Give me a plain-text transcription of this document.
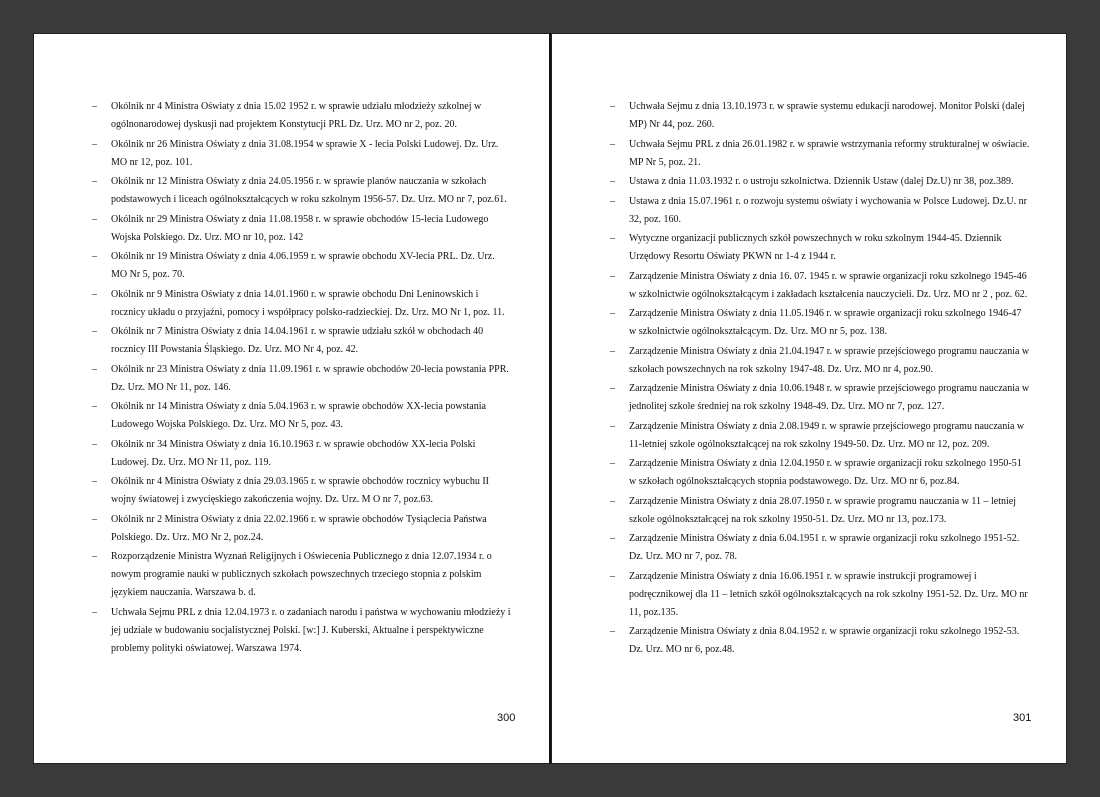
–	Okólnik nr 4 Ministra Oświaty z dnia 15.02 1952 r. w sprawie udziału młodzieży szkolnej w ogólnonarodowej dyskusji nad projektem Konstytucji PRL Dz. Urz. MO nr 2, poz. 20.
–	Okólnik nr 26 Ministra Oświaty z dnia 31.08.1954 w sprawie X - lecia Polski Ludowej. Dz. Urz. MO nr 12, poz. 101.
–	Okólnik nr 12 Ministra Oświaty z dnia 24.05.1956 r. w sprawie planów nauczania w szkołach podstawowych i liceach ogólnokształcących w roku szkolnym 1956-57. Dz. Urz. MO nr 7, poz.61.
–	Okólnik nr 29 Ministra Oświaty z dnia 11.08.1958 r. w sprawie obchodów 15-lecia Ludowego Wojska Polskiego. Dz. Urz. MO nr 10, poz. 142
–	Okólnik nr 19 Ministra Oświaty z dnia 4.06.1959 r. w sprawie obchodu XV-lecia PRL. Dz. Urz. MO Nr 5, poz. 70.
–	Okólnik nr 9 Ministra Oświaty z dnia 14.01.1960 r. w sprawie obchodu Dni Leninowskich i rocznicy układu o przyjaźni, pomocy i współpracy polsko-radzieckiej. Dz. Urz. MO Nr 1, poz. 11.
–	Okólnik nr 7 Ministra Oświaty z dnia 14.04.1961 r. w sprawie udziału szkół w obchodach 40 rocznicy III Powstania Śląskiego. Dz. Urz. MO Nr 4, poz. 42.
–	Okólnik nr 23 Ministra Oświaty z dnia 11.09.1961 r. w sprawie obchodów 20-lecia powstania PPR. Dz. Urz. MO Nr 11, poz. 146.
–	Okólnik nr 14 Ministra Oświaty z dnia 5.04.1963 r. w sprawie obchodów XX-lecia powstania Ludowego Wojska Polskiego. Dz. Urz. MO Nr 5, poz. 43.
–	Okólnik nr 34 Ministra Oświaty z dnia 16.10.1963 r. w sprawie obchodów XX-lecia Polski Ludowej. Dz. Urz. MO Nr 11, poz. 119.
–	Okólnik nr 4 Ministra Oświaty z dnia 29.03.1965 r. w sprawie obchodów rocznicy wybuchu II wojny światowej i zwycięskiego zakończenia wojny. Dz. Urz. M O nr 7, poz.63.
–	Okólnik nr 2 Ministra Oświaty z dnia 22.02.1966 r. w sprawie obchodów Tysiąclecia Państwa Polskiego. Dz. Urz. MO Nr 2, poz.24.
–	Rozporządzenie Ministra Wyznań Religijnych i Oświecenia Publicznego z dnia 12.07.1934 r. o nowym programie nauki w publicznych szkołach powszechnych trzeciego stopnia z polskim językiem nauczania. Warszawa b. d.
–	Uchwała Sejmu PRL z dnia 12.04.1973 r. o zadaniach narodu i państwa w wychowaniu młodzieży i jej udziale w budowaniu socjalistycznej Polski. [w:] J. Kuberski, Aktualne i perspektywiczne problemy polityki oświatowej. Warszawa 1974.
300
–	Uchwała Sejmu z dnia 13.10.1973 r. w sprawie systemu edukacji narodowej. Monitor Polski (dalej MP) Nr 44, poz. 260.
–	Uchwała Sejmu PRL z dnia 26.01.1982 r. w sprawie wstrzymania reformy strukturalnej w oświacie. MP Nr 5, poz. 21.
–	Ustawa z dnia 11.03.1932 r. o ustroju szkolnictwa. Dziennik Ustaw (dalej Dz.U) nr 38, poz.389.
–	Ustawa z dnia 15.07.1961 r. o rozwoju systemu oświaty i wychowania w Polsce Ludowej. Dz.U. nr 32, poz. 160.
–	Wytyczne organizacji publicznych szkół powszechnych w roku szkolnym 1944-45. Dziennik Urzędowy Resortu Oświaty PKWN nr 1-4 z 1944 r.
–	Zarządzenie Ministra Oświaty z dnia 16. 07. 1945 r. w sprawie organizacji roku szkolnego 1945-46 w szkolnictwie ogólnokształcącym i zakładach kształcenia nauczycieli. Dz. Urz. MO nr 2 , poz. 62.
–	Zarządzenie Ministra Oświaty z dnia 11.05.1946 r. w sprawie organizacji roku szkolnego 1946-47 w szkolnictwie ogólnokształcącym. Dz. Urz. MO nr 5, poz. 138.
–	Zarządzenie Ministra Oświaty z dnia 21.04.1947 r. w sprawie przejściowego programu nauczania w szkołach powszechnych na rok szkolny 1947-48. Dz. Urz. MO nr 4, poz.90.
–	Zarządzenie Ministra Oświaty z dnia 10.06.1948 r. w sprawie przejściowego programu nauczania w jednolitej szkole średniej na rok szkolny 1948-49. Dz. Urz. MO nr 7, poz. 127.
–	Zarządzenie Ministra Oświaty z dnia 2.08.1949 r. w sprawie przejściowego programu nauczania w 11-letniej szkole ogólnokształcącej na rok szkolny 1949-50. Dz. Urz. MO nr 12, poz. 209.
–	Zarządzenie Ministra Oświaty z dnia 12.04.1950 r. w sprawie organizacji roku szkolnego 1950-51 w szkołach ogólnokształcących stopnia podstawowego. Dz. Urz. MO nr 6, poz.84.
–	Zarządzenie Ministra Oświaty z dnia 28.07.1950 r. w sprawie programu nauczania w 11 – letniej szkole ogólnokształcącej na rok szkolny 1950-51. Dz. Urz. MO nr 13, poz.173.
–	Zarządzenie Ministra Oświaty z dnia 6.04.1951 r. w sprawie organizacji roku szkolnego 1951-52. Dz. Urz. MO nr 7, poz. 78.
–	Zarządzenie Ministra Oświaty z dnia 16.06.1951 r. w sprawie instrukcji programowej i podręcznikowej dla 11 – letnich szkół ogólnokształcących na rok szkolny 1951-52. Dz. Urz. MO nr 11, poz.135.
–	Zarządzenie Ministra Oświaty z dnia 8.04.1952 r. w sprawie organizacji roku szkolnego 1952-53. Dz. Urz. MO nr 6, poz.48.
301
